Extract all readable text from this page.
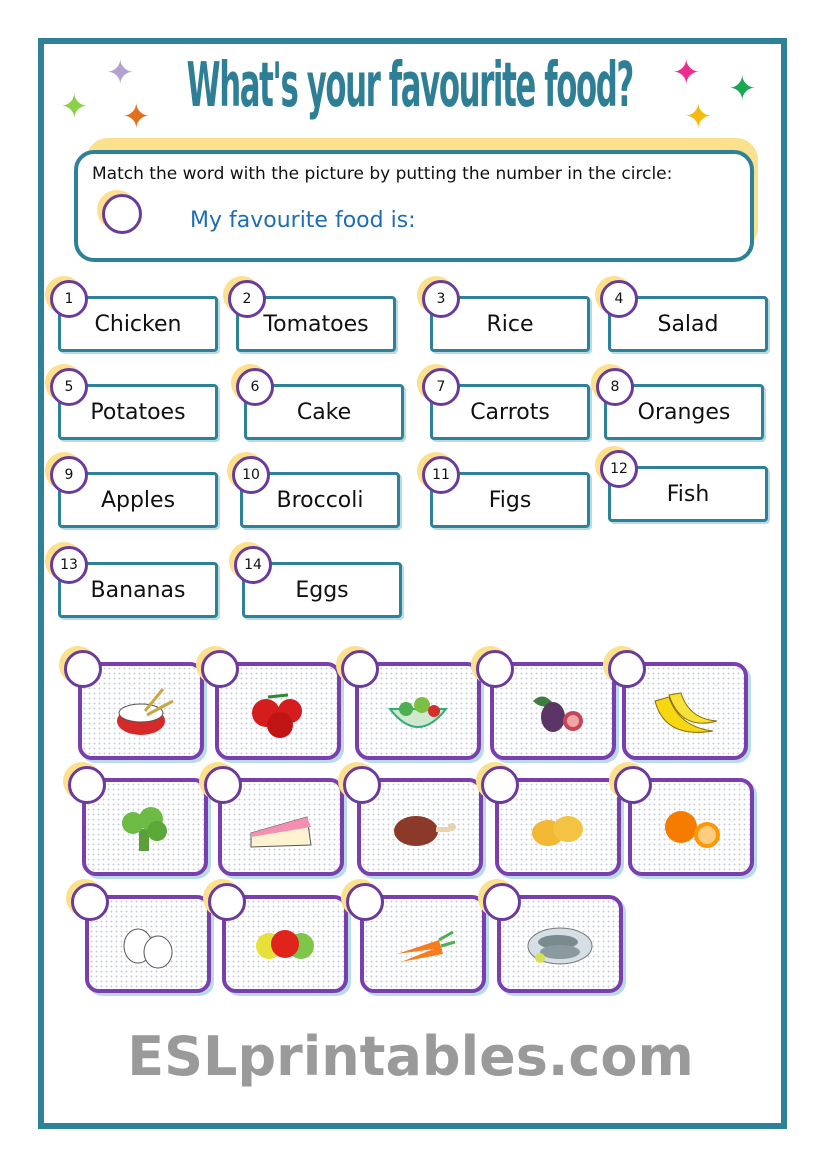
✦
✦ ✦
✦ ✦
✦
What's your favourite food?
Match the word with the picture by putting the number in the circle:
My favourite food is:
Chicken
1
Tomatoes
2
Rice
3
Salad
4
Potatoes
5
Cake
6
Carrots
7
Oranges
8
Apples
9
Broccoli
10
Figs
11
Fish
12
Bananas
13
Eggs
14
ESLprintables.com
